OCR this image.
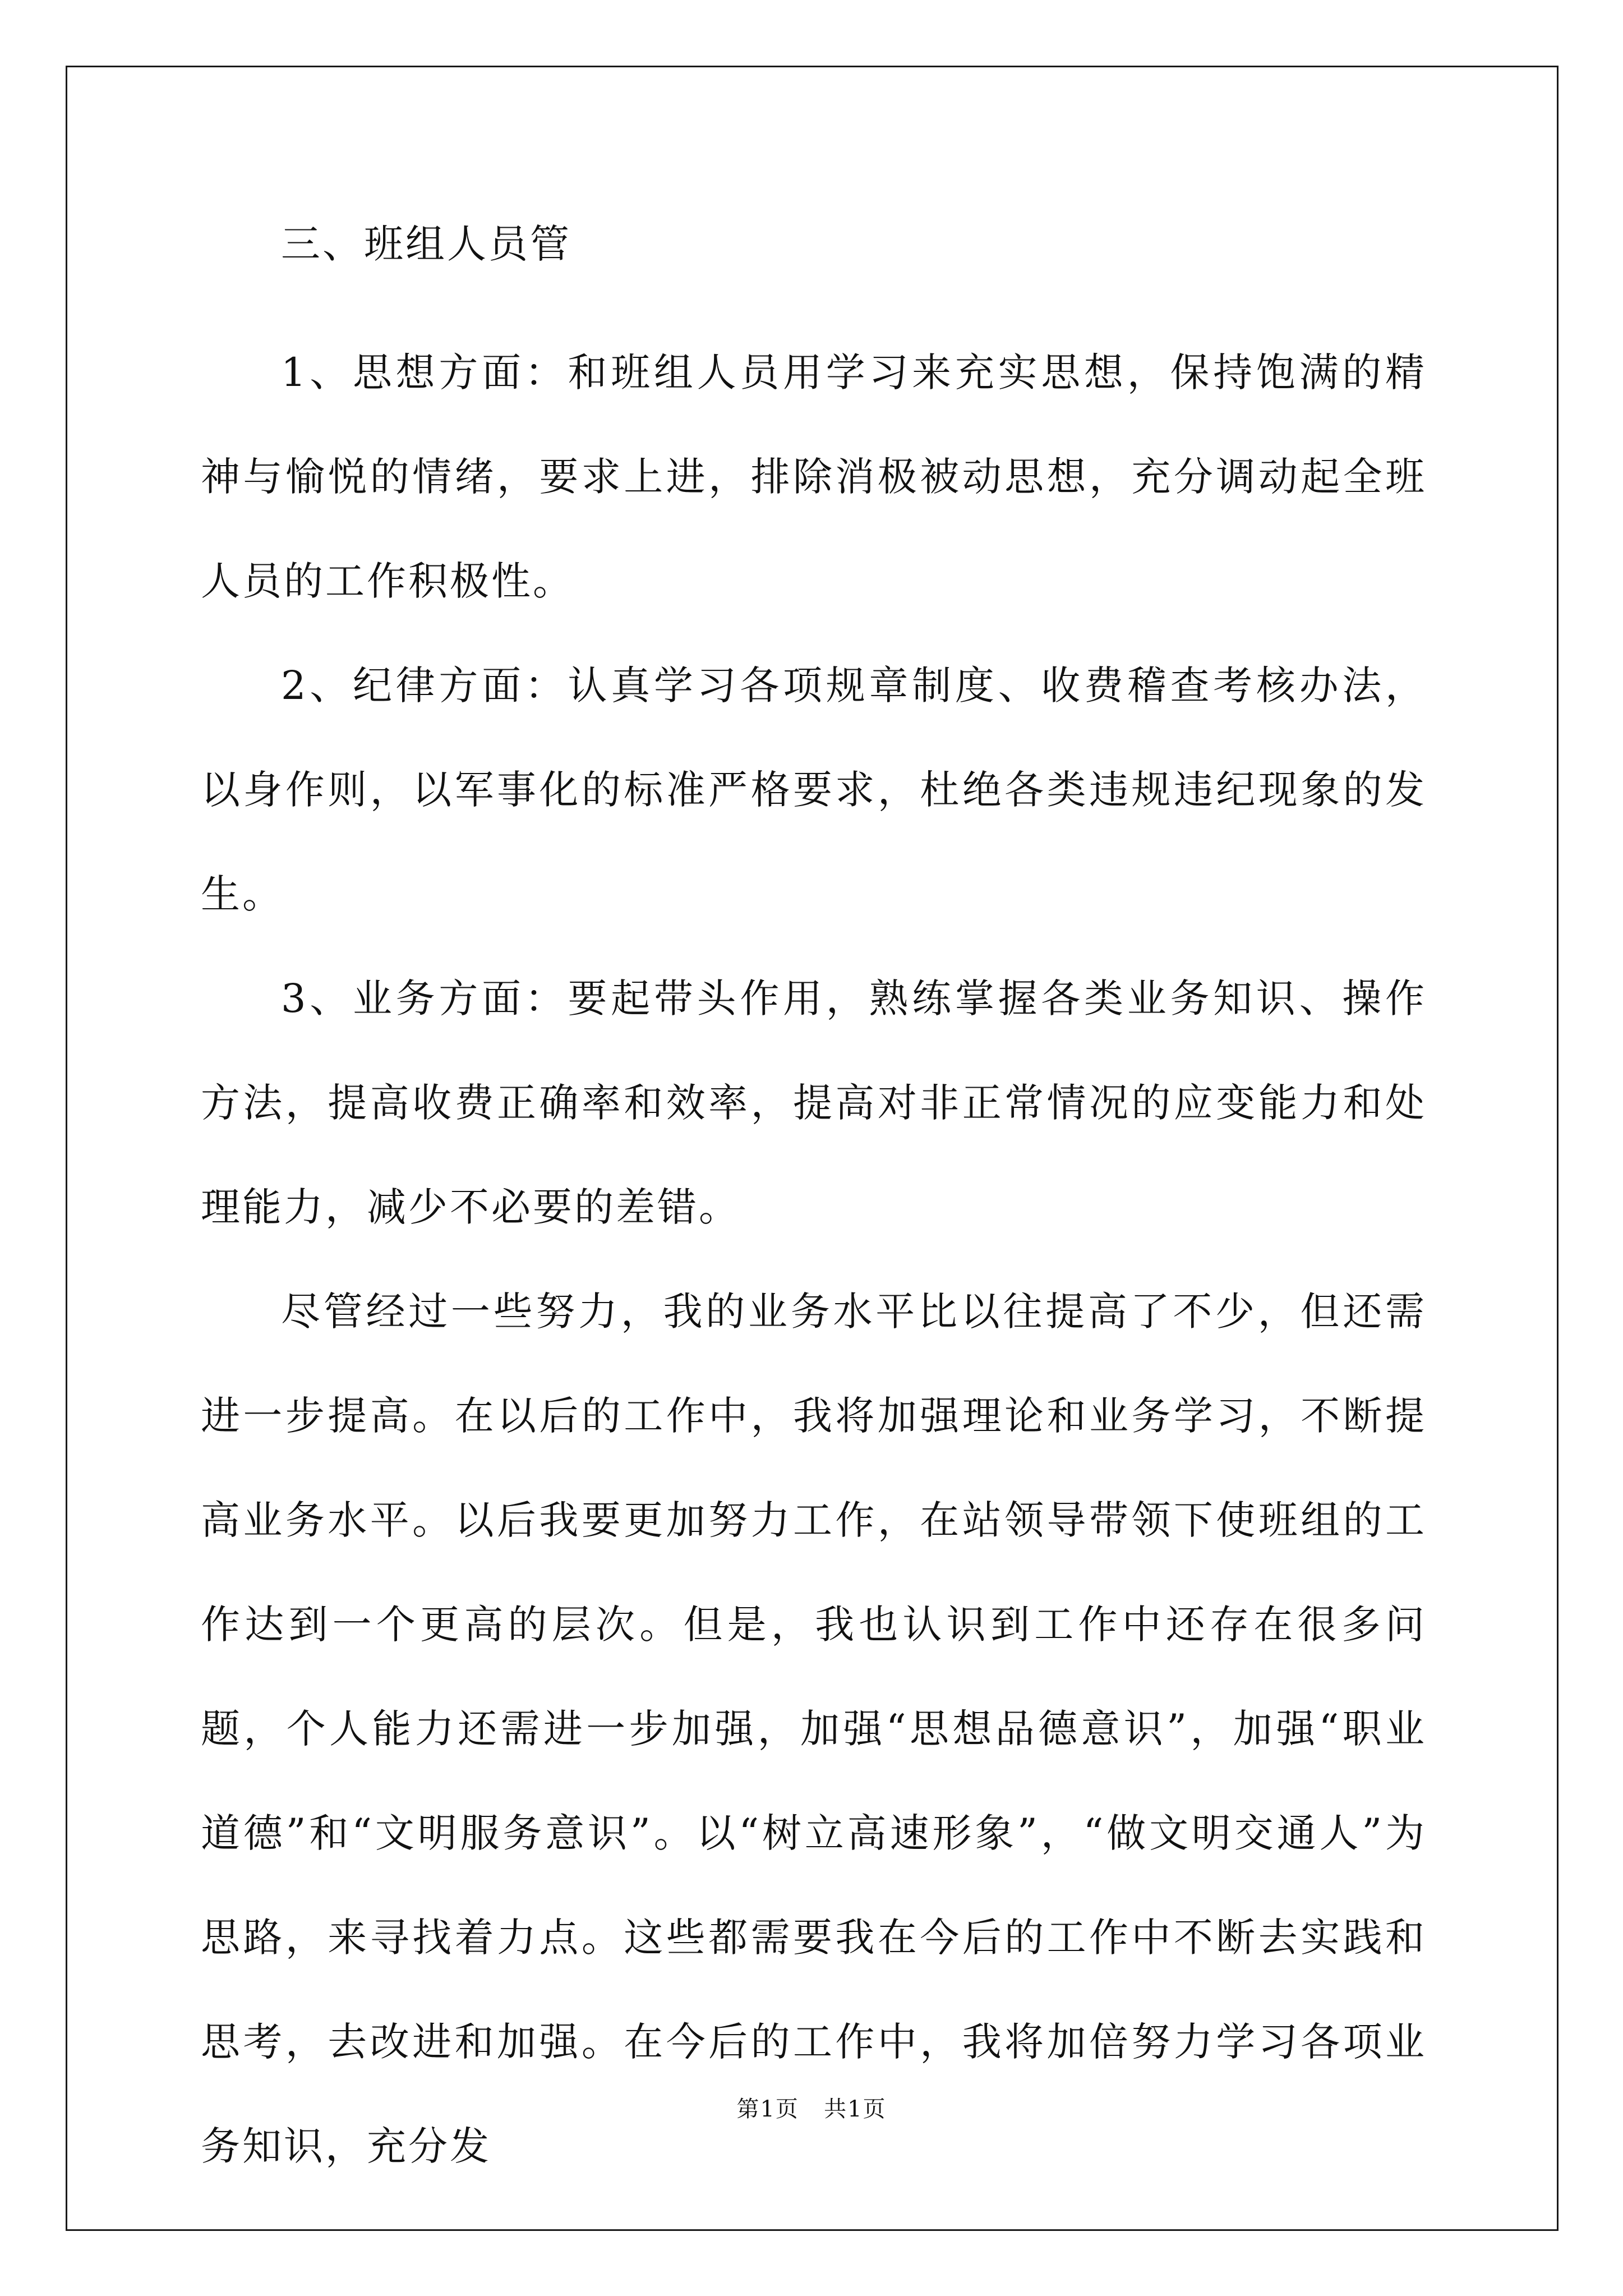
三、班组人员管

1、思想方面：和班组人员用学习来充实思想，保持饱满的精神与愉悦的情绪，要求上进，排除消极被动思想，充分调动起全班人员的工作积极性。

2、纪律方面：认真学习各项规章制度、收费稽查考核办法，以身作则，以军事化的标准严格要求，杜绝各类违规违纪现象的发生。

3、业务方面：要起带头作用，熟练掌握各类业务知识、操作方法，提高收费正确率和效率，提高对非正常情况的应变能力和处理能力，减少不必要的差错。

尽管经过一些努力，我的业务水平比以往提高了不少，但还需进一步提高。在以后的工作中，我将加强理论和业务学习，不断提高业务水平。以后我要更加努力工作，在站领导带领下使班组的工作达到一个更高的层次。但是，我也认识到工作中还存在很多问题，个人能力还需进一步加强，加强“思想品德意识”，加强“职业道德”和“文明服务意识”。以“树立高速形象”，“做文明交通人”为思路，来寻找着力点。这些都需要我在今后的工作中不断去实践和思考，去改进和加强。在今后的工作中，我将加倍努力学习各项业务知识，充分发

第1页 共1页
